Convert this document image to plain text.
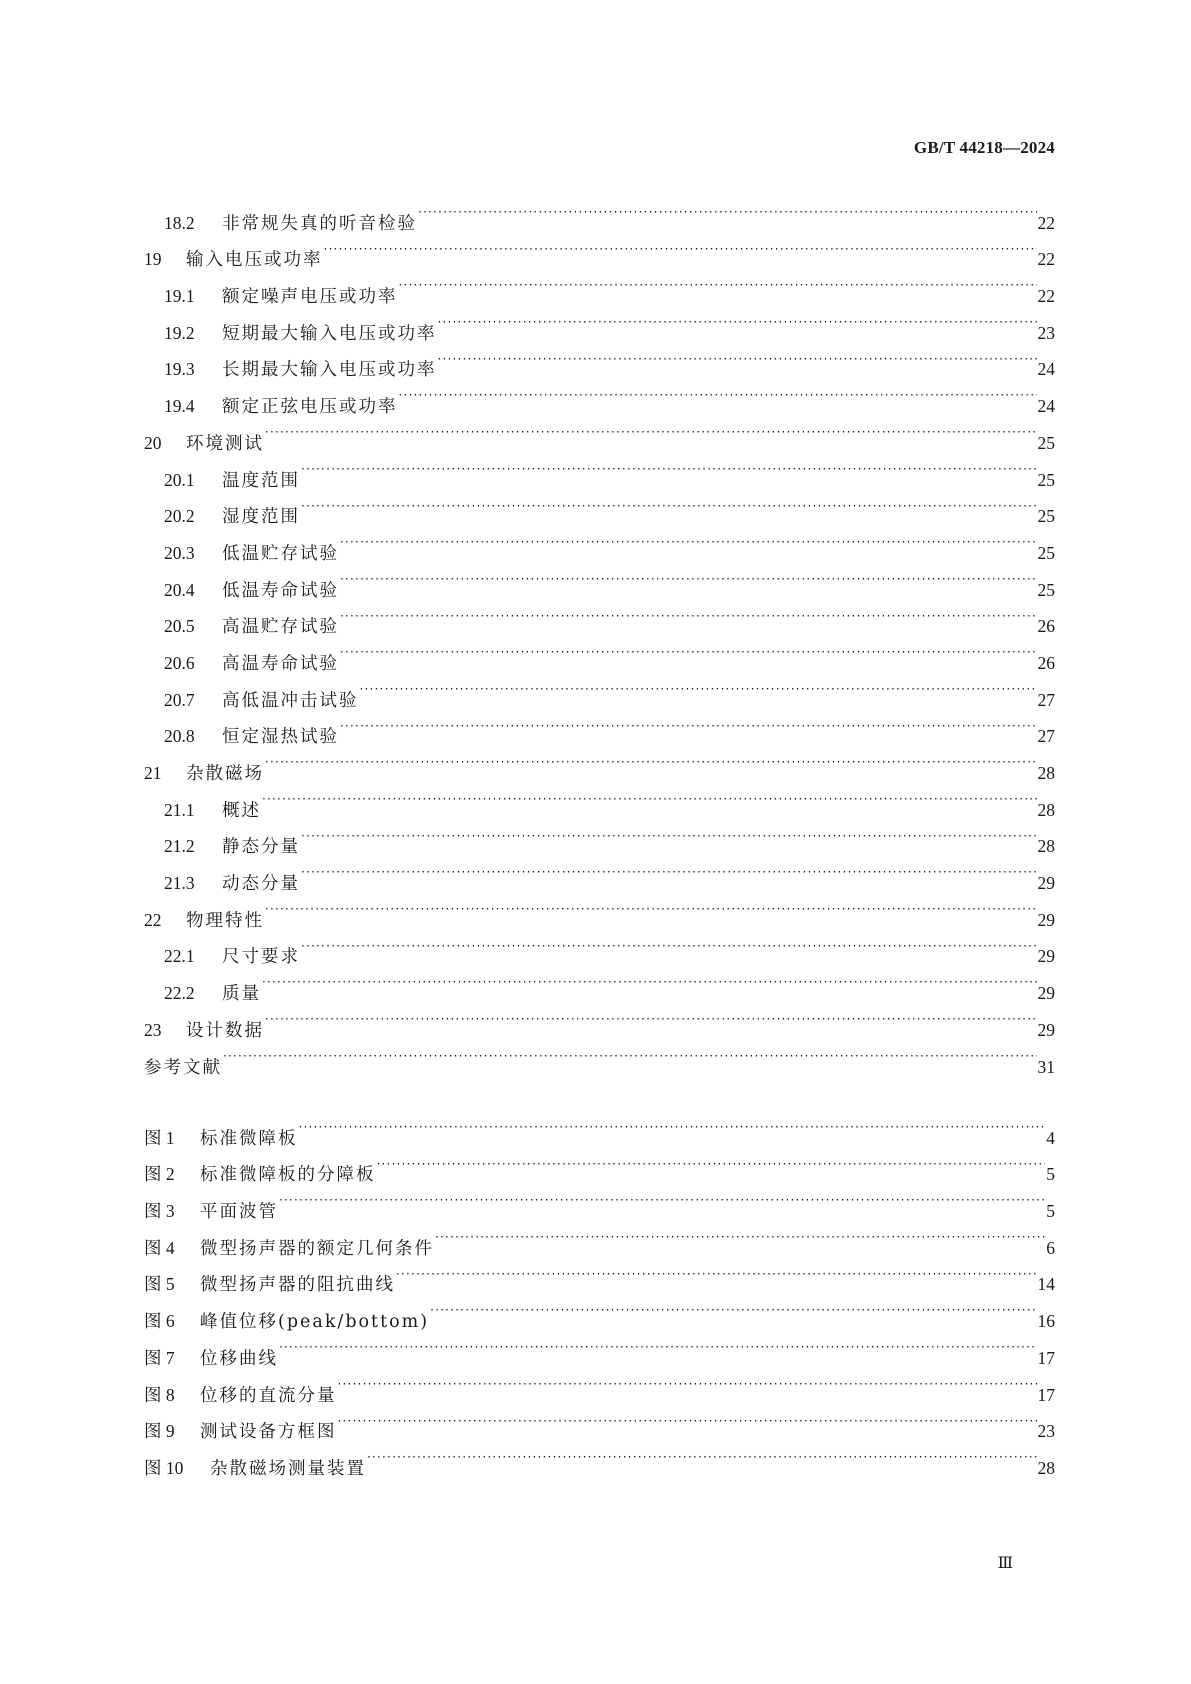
GB/T 44218—2024
18.2	非常规失真的听音检验 ·····	22
19 输入电压或功率 ·····	22
19.1	额定噪声电压或功率 ·····	22
19.2	短期最大输入电压或功率 ·····	23
19.3	长期最大输入电压或功率 ·····	24
19.4	额定正弦电压或功率 ·····	24
20 环境测试 ·····	25
20.1	温度范围 ·····	25
20.2	湿度范围 ·····	25
20.3	低温贮存试验 ·····	25
20.4	低温寿命试验 ·····	25
20.5	高温贮存试验 ·····	26
20.6	高温寿命试验 ·····	26
20.7	高低温冲击试验 ·····	27
20.8	恒定湿热试验 ·····	27
21 杂散磁场 ·····	28
21.1	概述 ·····	28
21.2	静态分量 ·····	28
21.3	动态分量 ·····	29
22 物理特性 ·····	29
22.1	尺寸要求 ·····	29
22.2	质量 ·····	29
23 设计数据 ·····	29
参考文献 ·····	31
图 1	标准微障板 ·····	4
图 2	标准微障板的分障板 ·····	5
图 3	平面波管 ·····	5
图 4	微型扬声器的额定几何条件 ·····	6
图 5	微型扬声器的阻抗曲线 ·····	14
图 6	峰值位移(peak/bottom) ·····	16
图 7	位移曲线 ·····	17
图 8	位移的直流分量 ·····	17
图 9	测试设备方框图 ·····	23
图 10	杂散磁场测量装置 ·····	28
Ⅲ
